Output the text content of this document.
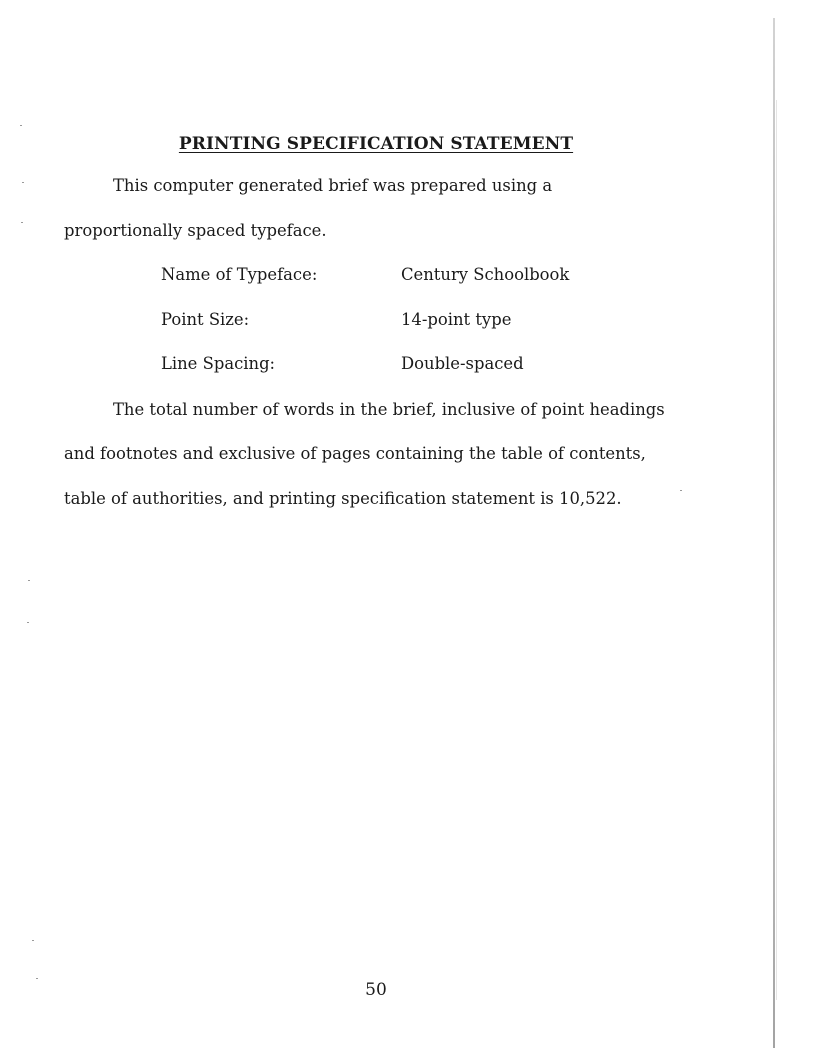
PRINTING SPECIFICATION STATEMENT
This computer generated brief was prepared using a
proportionally spaced typeface.
Name of Typeface:	Century Schoolbook
Point Size:	14-point type
Line Spacing:	Double-spaced
The total number of words in the brief, inclusive of point headings
and footnotes and exclusive of pages containing the table of contents,
table of authorities, and printing specification statement is 10,522.
50
